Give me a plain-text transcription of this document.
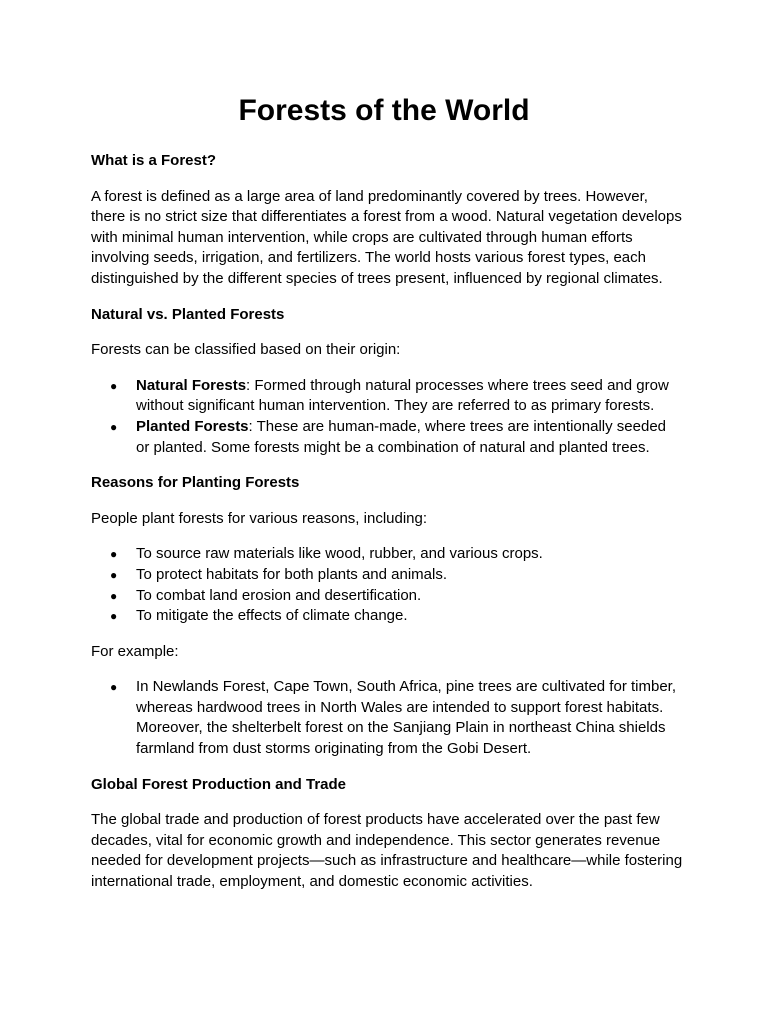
Forests of the World
What is a Forest?

A forest is defined as a large area of land predominantly covered by trees. However, there is no strict size that differentiates a forest from a wood. Natural vegetation develops with minimal human intervention, while crops are cultivated through human efforts involving seeds, irrigation, and fertilizers. The world hosts various forest types, each distinguished by the different species of trees present, influenced by regional climates.

Natural vs. Planted Forests

Forests can be classified based on their origin:

● Natural Forests: Formed through natural processes where trees seed and grow without significant human intervention. They are referred to as primary forests.
● Planted Forests: These are human-made, where trees are intentionally seeded or planted. Some forests might be a combination of natural and planted trees.
Reasons for Planting Forests

People plant forests for various reasons, including:

● To source raw materials like wood, rubber, and various crops.
● To protect habitats for both plants and animals.
● To combat land erosion and desertification.
● To mitigate the effects of climate change.

For example:

● In Newlands Forest, Cape Town, South Africa, pine trees are cultivated for timber, whereas hardwood trees in North Wales are intended to support forest habitats. Moreover, the shelterbelt forest on the Sanjiang Plain in northeast China shields farmland from dust storms originating from the Gobi Desert.
Global Forest Production and Trade

The global trade and production of forest products have accelerated over the past few decades, vital for economic growth and independence. This sector generates revenue needed for development projects—such as infrastructure and healthcare—while fostering international trade, employment, and domestic economic activities.
